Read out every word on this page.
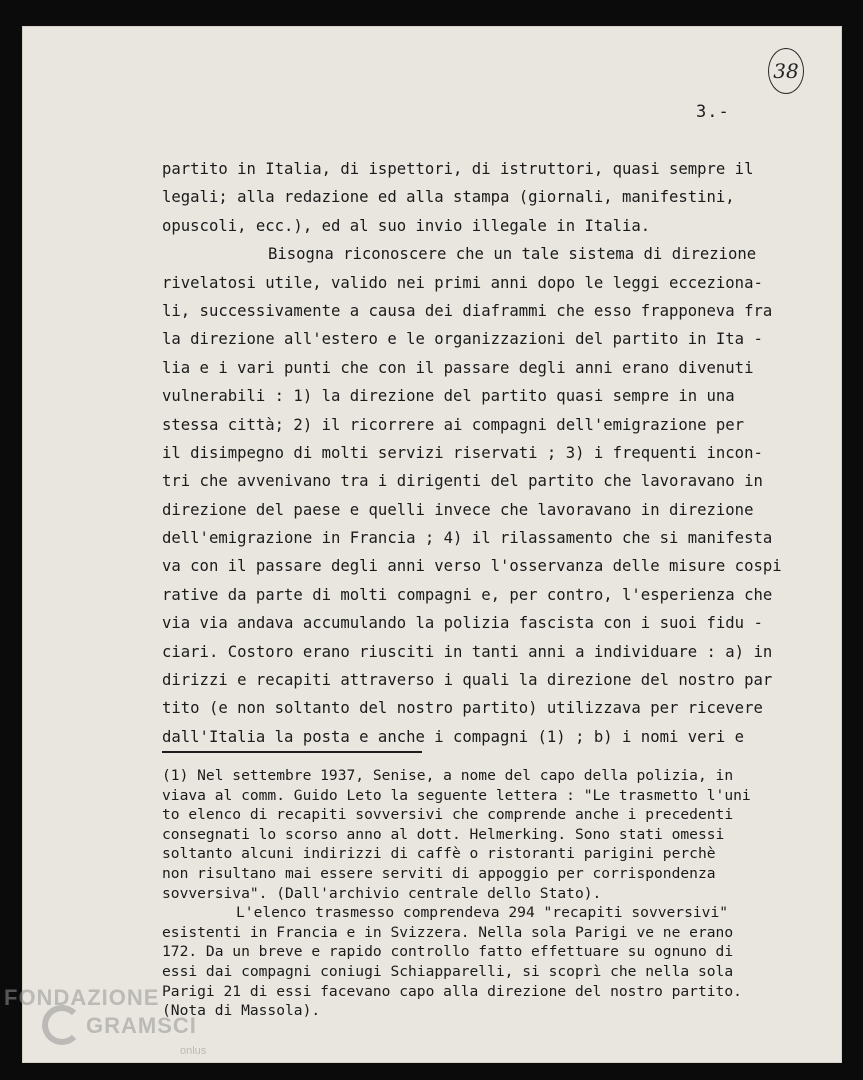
38
3.-
partito in Italia, di ispettori, di istruttori, quasi sempre il
legali; alla redazione ed alla stampa (giornali, manifestini,
opuscoli, ecc.), ed al suo invio illegale in Italia.
Bisogna riconoscere che un tale sistema di direzione
rivelatosi utile, valido nei primi anni dopo le leggi ecceziona-
li, successivamente a causa dei diaframmi che esso frapponeva fra
la direzione all'estero e le organizzazioni del partito in Ita -
lia e i vari punti che con il passare degli anni erano divenuti
vulnerabili : 1) la direzione del partito quasi sempre in una
stessa città; 2) il ricorrere ai compagni dell'emigrazione per
il disimpegno di molti servizi riservati ; 3) i frequenti incon-
tri che avvenivano tra i dirigenti del partito che lavoravano in
direzione del paese e quelli invece che lavoravano in direzione
dell'emigrazione in Francia ; 4) il rilassamento che si manifesta
va con il passare degli anni verso l'osservanza delle misure cospi
rative da parte di molti compagni e, per contro, l'esperienza che
via via andava accumulando la polizia fascista con i suoi fidu -
ciari. Costoro erano riusciti in tanti anni a individuare : a) in
dirizzi e recapiti attraverso i quali la direzione del nostro par
tito (e non soltanto del nostro partito) utilizzava per ricevere
dall'Italia la posta e anche i compagni (1) ; b) i nomi veri e
(1) Nel settembre 1937, Senise, a nome del capo della polizia, in
viava al comm. Guido Leto la seguente lettera : "Le trasmetto l'uni
to elenco di recapiti sovversivi che comprende anche i precedenti
consegnati lo scorso anno al dott. Helmerking. Sono stati omessi
soltanto alcuni indirizzi di caffè o ristoranti parigini perchè
non risultano mai essere serviti di appoggio per corrispondenza
sovversiva". (Dall'archivio centrale dello Stato).
L'elenco trasmesso comprendeva 294 "recapiti sovversivi"
esistenti in Francia e in Svizzera. Nella sola Parigi ve ne erano
172. Da un breve e rapido controllo fatto effettuare su ognuno di
essi dai compagni coniugi Schiapparelli, si scoprì che nella sola
Parigi 21 di essi facevano capo alla direzione del nostro partito.
(Nota di Massola).
FONDAZIONE
GRAMSCI
onlus
